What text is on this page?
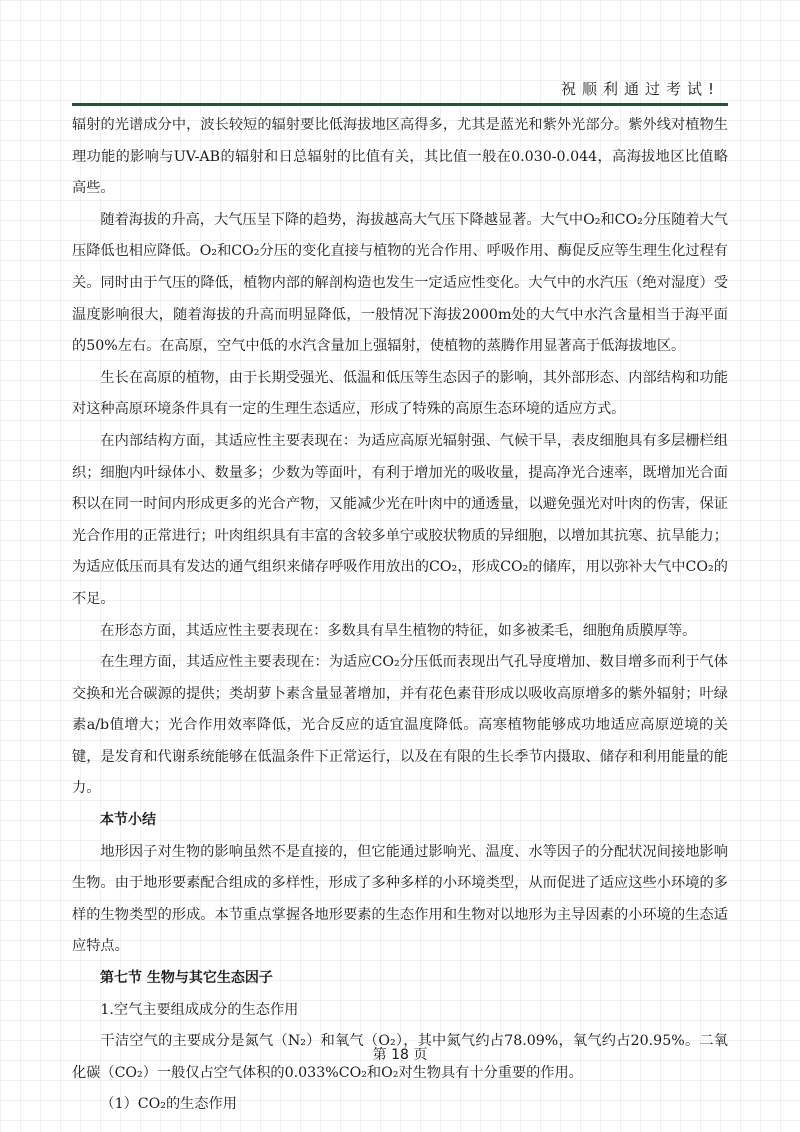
祝顺利通过考试!

辐射的光谱成分中，波长较短的辐射要比低海拔地区高得多，尤其是蓝光和紫外光部分。紫外线对植物生理功能的影响与UV-AB的辐射和日总辐射的比值有关，其比值一般在0.030-0.044，高海拔地区比值略高些。

随着海拔的升高，大气压呈下降的趋势，海拔越高大气压下降越显著。大气中O₂和CO₂分压随着大气压降低也相应降低。O₂和CO₂分压的变化直接与植物的光合作用、呼吸作用、酶促反应等生理生化过程有关。同时由于气压的降低，植物内部的解剖构造也发生一定适应性变化。大气中的水汽压（绝对湿度）受温度影响很大，随着海拔的升高而明显降低，一般情况下海拔2000m处的大气中水汽含量相当于海平面的50%左右。在高原，空气中低的水汽含量加上强辐射，使植物的蒸腾作用显著高于低海拔地区。

生长在高原的植物，由于长期受强光、低温和低压等生态因子的影响，其外部形态、内部结构和功能对这种高原环境条件具有一定的生理生态适应，形成了特殊的高原生态环境的适应方式。

在内部结构方面，其适应性主要表现在：为适应高原光辐射强、气候干旱，表皮细胞具有多层栅栏组织；细胞内叶绿体小、数量多；少数为等面叶，有利于增加光的吸收量，提高净光合速率，既增加光合面积以在同一时间内形成更多的光合产物，又能减少光在叶肉中的通透量，以避免强光对叶肉的伤害，保证光合作用的正常进行；叶肉组织具有丰富的含较多单宁或胶状物质的异细胞，以增加其抗寒、抗旱能力；为适应低压而具有发达的通气组织来储存呼吸作用放出的CO₂，形成CO₂的储库，用以弥补大气中CO₂的不足。

在形态方面，其适应性主要表现在：多数具有旱生植物的特征，如多被柔毛，细胞角质膜厚等。

在生理方面，其适应性主要表现在：为适应CO₂分压低而表现出气孔导度增加、数目增多而利于气体交换和光合碳源的提供；类胡萝卜素含量显著增加，并有花色素苷形成以吸收高原增多的紫外辐射；叶绿素a/b值增大；光合作用效率降低，光合反应的适宜温度降低。高寒植物能够成功地适应高原逆境的关键，是发育和代谢系统能够在低温条件下正常运行，以及在有限的生长季节内摄取、储存和利用能量的能力。

本节小结

地形因子对生物的影响虽然不是直接的，但它能通过影响光、温度、水等因子的分配状况间接地影响生物。由于地形要素配合组成的多样性，形成了多种多样的小环境类型，从而促进了适应这些小环境的多样的生物类型的形成。本节重点掌握各地形要素的生态作用和生物对以地形为主导因素的小环境的生态适应特点。

第七节 生物与其它生态因子

1.空气主要组成成分的生态作用

干洁空气的主要成分是氮气（N₂）和氧气（O₂），其中氮气约占78.09%，氧气约占20.95%。二氧化碳（CO₂）一般仅占空气体积的0.033%CO₂和O₂对生物具有十分重要的作用。

（1）CO₂的生态作用

第 18 页
